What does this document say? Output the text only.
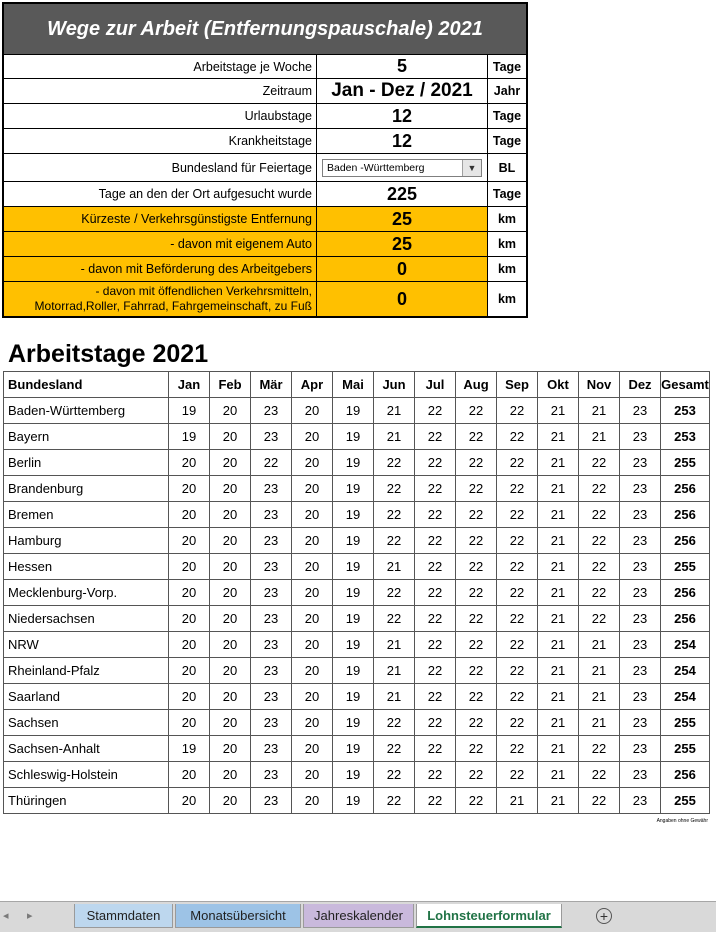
Wege zur Arbeit (Entfernungspauschale) 2021
Arbeitstage je Woche	5	Tage
Zeitraum	Jan - Dez / 2021	Jahr
Urlaubstage	12	Tage
Krankheitstage	12	Tage
Bundesland für Feiertage	Baden -Württemberg	▼	BL
Tage an den der Ort aufgesucht wurde	225	Tage
Kürzeste / Verkehrsgünstigste Entfernung	25	km
- davon mit eigenem Auto	25	km
- davon mit Beförderung des Arbeitgebers	0	km
- davon mit öffendlichen Verkehrsmitteln,
Motorrad,Roller, Fahrrad, Fahrgemeinschaft, zu Fuß	0	km
Arbeitstage 2021
Bundesland	Jan	Feb	Mär	Apr	Mai	Jun	Jul	Aug	Sep	Okt	Nov	Dez	Gesamt
Baden-Württemberg	19	20	23	20	19	21	22	22	22	21	21	23	253
Bayern	19	20	23	20	19	21	22	22	22	21	21	23	253
Berlin	20	20	22	20	19	22	22	22	22	21	22	23	255
Brandenburg	20	20	23	20	19	22	22	22	22	21	22	23	256
Bremen	20	20	23	20	19	22	22	22	22	21	22	23	256
Hamburg	20	20	23	20	19	22	22	22	22	21	22	23	256
Hessen	20	20	23	20	19	21	22	22	22	21	22	23	255
Mecklenburg-Vorp.	20	20	23	20	19	22	22	22	22	21	22	23	256
Niedersachsen	20	20	23	20	19	22	22	22	22	21	22	23	256
NRW	20	20	23	20	19	21	22	22	22	21	21	23	254
Rheinland-Pfalz	20	20	23	20	19	21	22	22	22	21	21	23	254
Saarland	20	20	23	20	19	21	22	22	22	21	21	23	254
Sachsen	20	20	23	20	19	22	22	22	22	21	21	23	255
Sachsen-Anhalt	19	20	23	20	19	22	22	22	22	21	22	23	255
Schleswig-Holstein	20	20	23	20	19	22	22	22	22	21	22	23	256
Thüringen	20	20	23	20	19	22	22	22	21	21	22	23	255
Angaben ohne Gewähr
◂ ▸	Stammdaten	Monatsübersicht	Jahreskalender	Lohnsteuerformular	+
